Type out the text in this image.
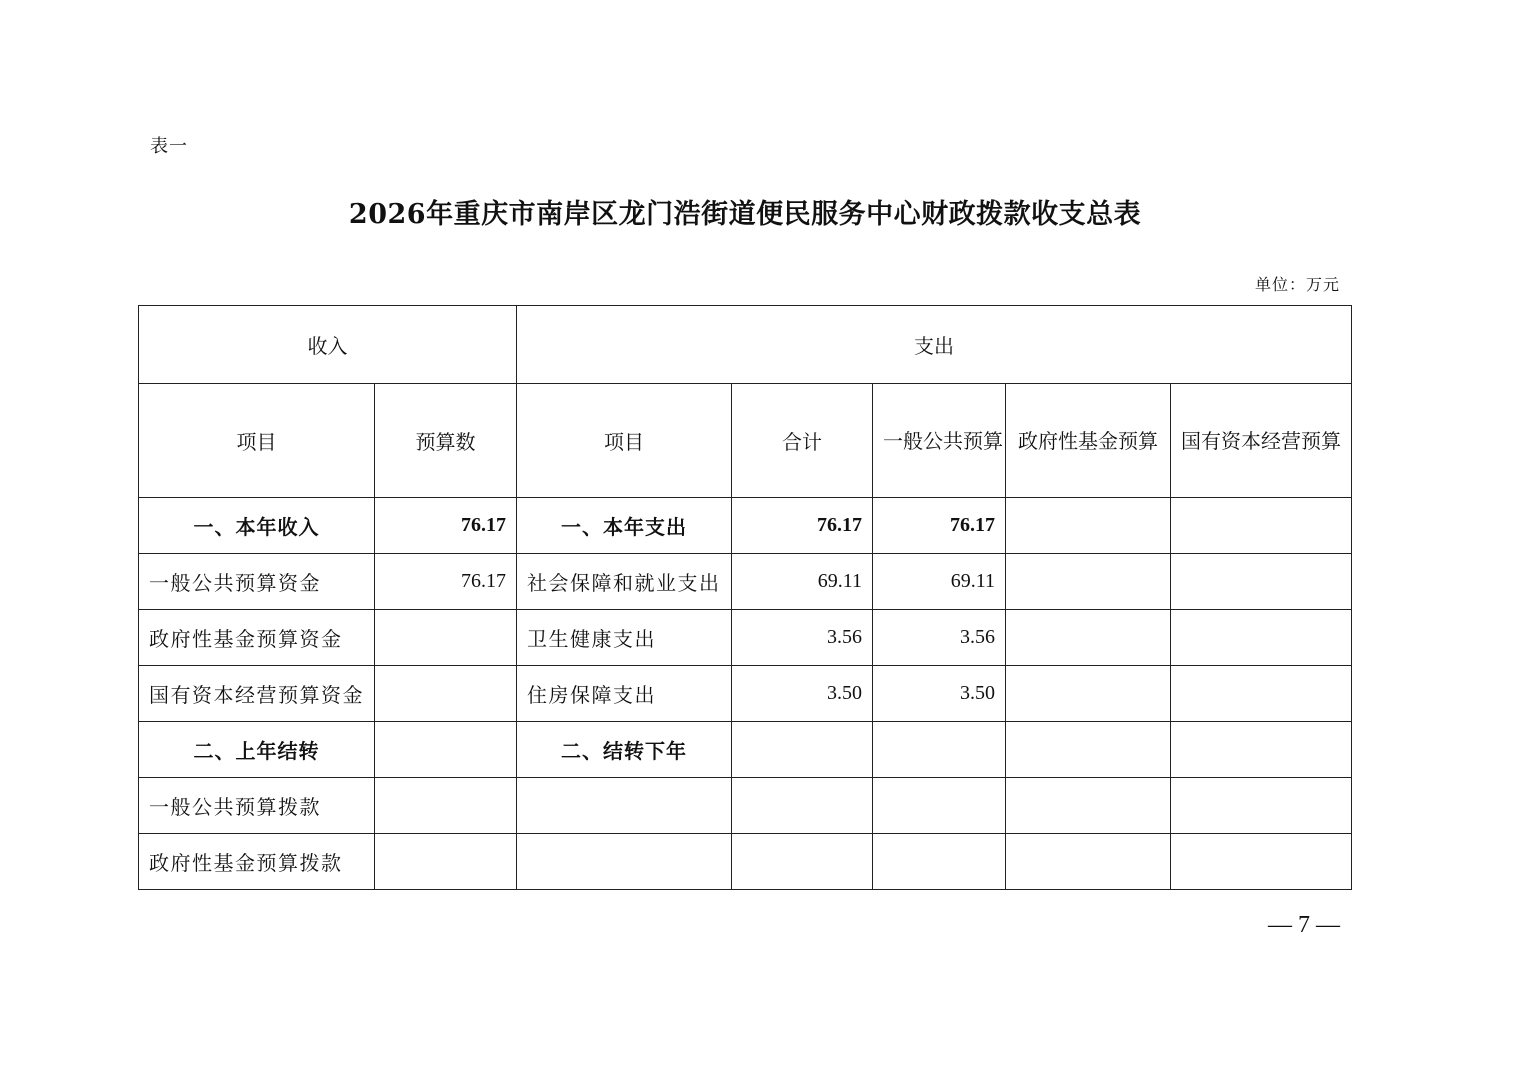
表一
2026年重庆市南岸区龙门浩街道便民服务中心财政拨款收支总表
单位：万元
收入		支出				
项目	预算数	项目	合计	一般公共预算	政府性基金预算	国有资本经营预算
一、本年收入	76.17	一、本年支出	76.17	76.17		
一般公共预算资金	76.17	社会保障和就业支出	69.11	69.11		
政府性基金预算资金		卫生健康支出	3.56	3.56		
国有资本经营预算资金		住房保障支出	3.50	3.50		
二、上年结转		二、结转下年				
一般公共预算拨款						
政府性基金预算拨款						
— 7 —
